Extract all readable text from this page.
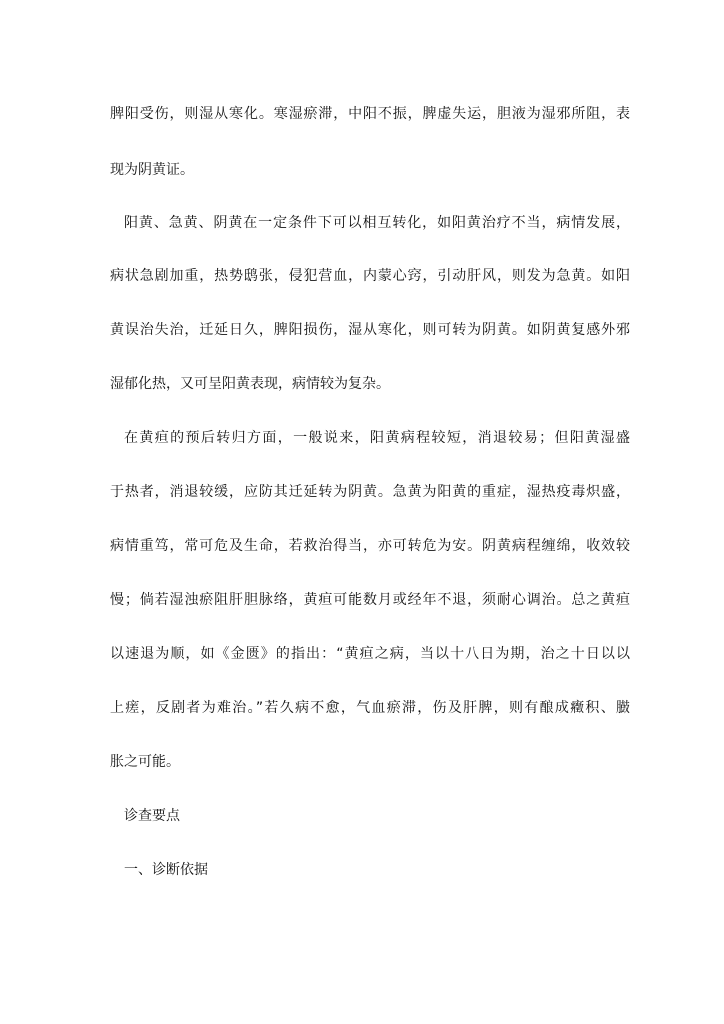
脾阳受伤，则湿从寒化。寒湿瘀滞，中阳不振，脾虚失运，胆液为湿邪所阻，表
现为阴黄证。
阳黄、急黄、阴黄在一定条件下可以相互转化，如阳黄治疗不当，病情发展，
病状急剧加重，热势鸱张，侵犯营血，内蒙心窍，引动肝风，则发为急黄。如阳
黄误治失治，迁延日久，脾阳损伤，湿从寒化，则可转为阴黄。如阴黄复感外邪
湿郁化热，又可呈阳黄表现，病情较为复杂。
在黄疸的预后转归方面，一般说来，阳黄病程较短，消退较易；但阳黄湿盛
于热者，消退较缓，应防其迁延转为阴黄。急黄为阳黄的重症，湿热疫毒炽盛，
病情重笃，常可危及生命，若救治得当，亦可转危为安。阴黄病程缠绵，收效较
慢；倘若湿浊瘀阻肝胆脉络，黄疸可能数月或经年不退，须耐心调治。总之黄疸
以速退为顺，如《金匮》的指出：“黄疸之病，当以十八日为期，治之十日以以
上瘥，反剧者为难治。”若久病不愈，气血瘀滞，伤及肝脾，则有酿成癥积、臌
胀之可能。
诊查要点
一、诊断依据
